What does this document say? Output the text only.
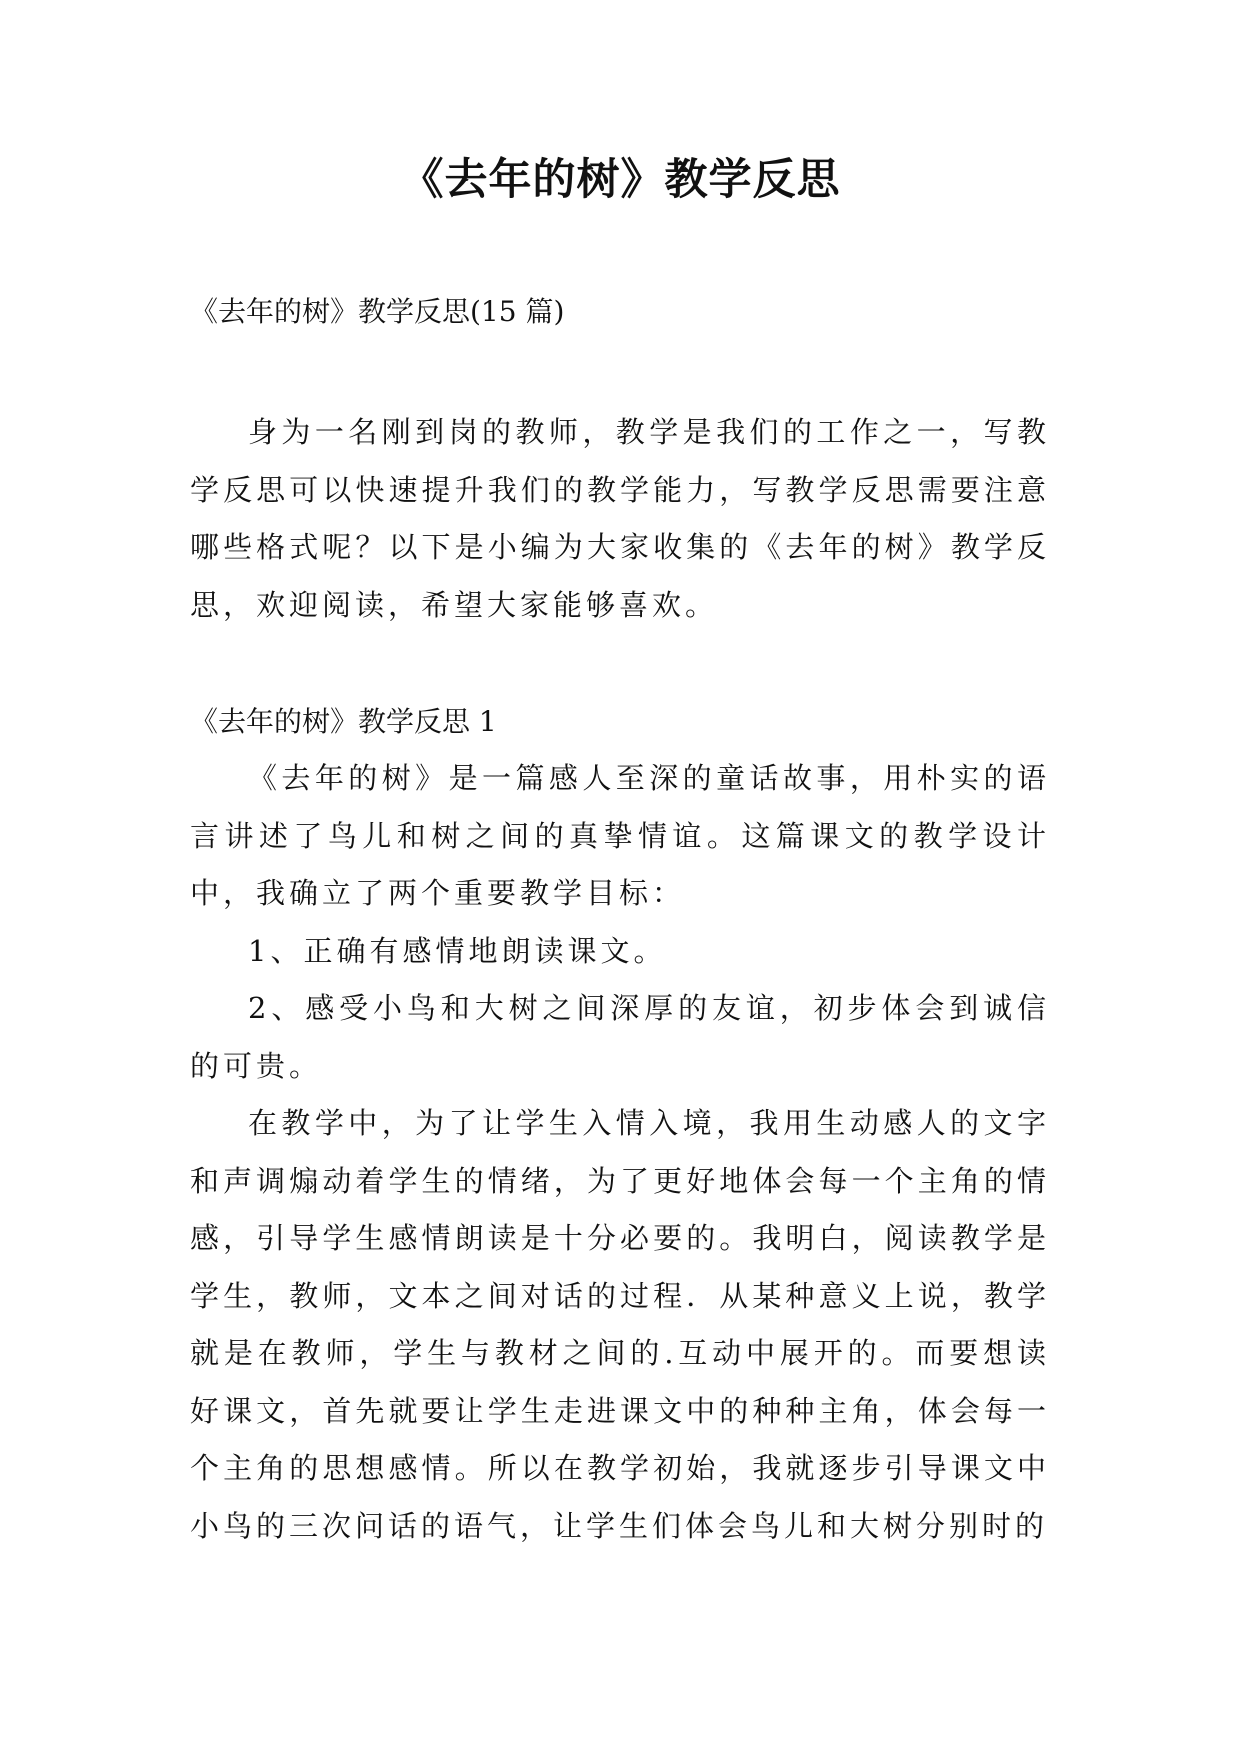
《去年的树》教学反思

《去年的树》教学反思(15 篇)

身为一名刚到岗的教师，教学是我们的工作之一，写教学反思可以快速提升我们的教学能力，写教学反思需要注意哪些格式呢？以下是小编为大家收集的《去年的树》教学反思，欢迎阅读，希望大家能够喜欢。

《去年的树》教学反思 1

《去年的树》是一篇感人至深的童话故事，用朴实的语言讲述了鸟儿和树之间的真挚情谊。这篇课文的教学设计中，我确立了两个重要教学目标：

1、正确有感情地朗读课文。

2、感受小鸟和大树之间深厚的友谊，初步体会到诚信的可贵。

在教学中，为了让学生入情入境，我用生动感人的文字和声调煽动着学生的情绪，为了更好地体会每一个主角的情感，引导学生感情朗读是十分必要的。我明白，阅读教学是学生，教师，文本之间对话的过程．从某种意义上说，教学就是在教师，学生与教材之间的.互动中展开的。而要想读好课文，首先就要让学生走进课文中的种种主角，体会每一个主角的思想感情。所以在教学初始，我就逐步引导课文中小鸟的三次问话的语气，让学生们体会鸟儿和大树分别时的
